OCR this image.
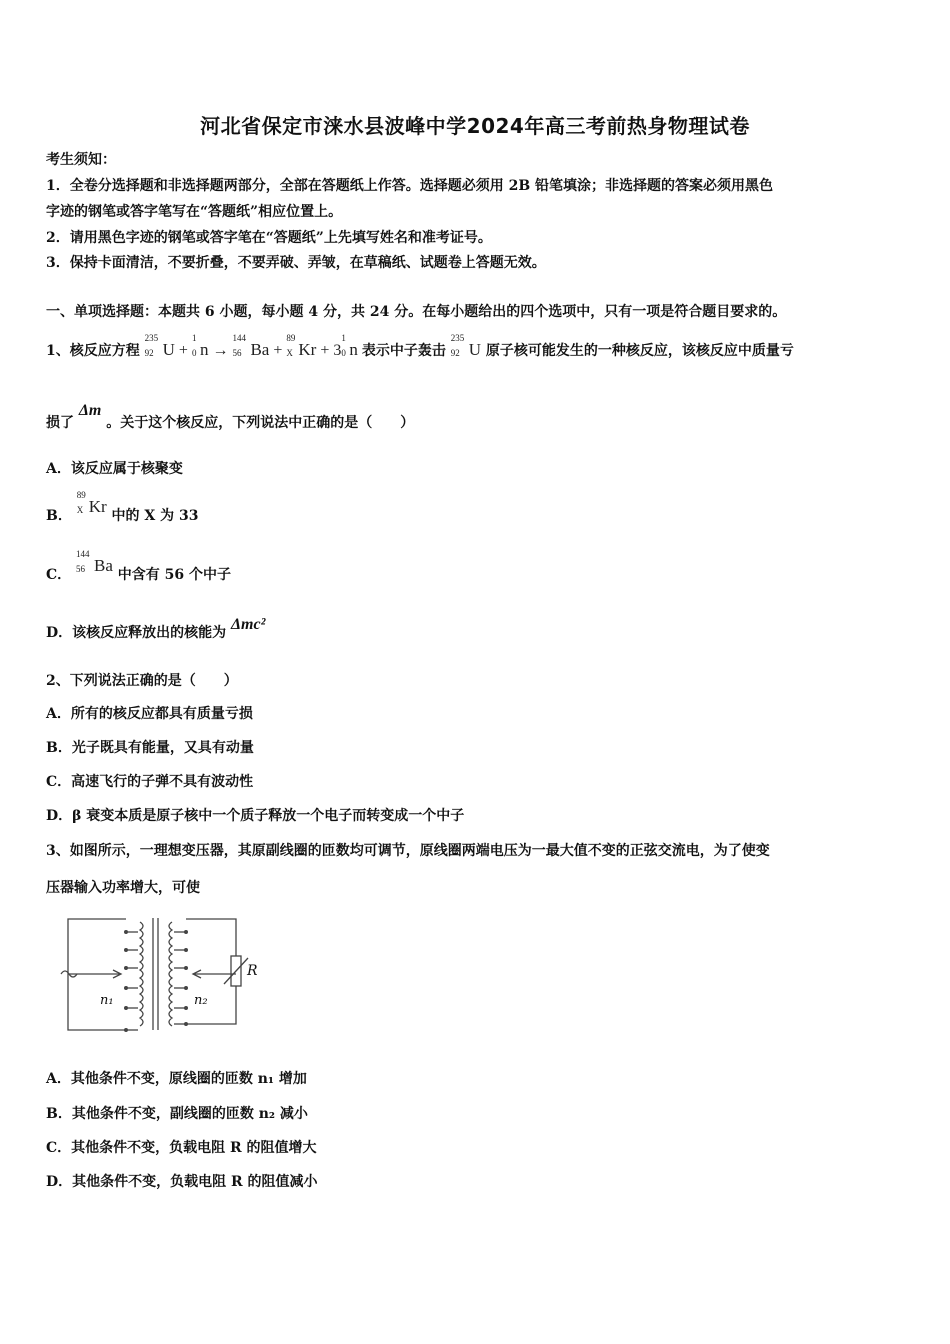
河北省保定市涞水县波峰中学2024年高三考前热身物理试卷
考生须知：
1．全卷分选择题和非选择题两部分，全部在答题纸上作答。选择题必须用 2B 铅笔填涂；非选择题的答案必须用黑色
字迹的钢笔或答字笔写在“答题纸”相应位置上。
2．请用黑色字迹的钢笔或答字笔在“答题纸”上先填写姓名和准考证号。
3．保持卡面清洁，不要折叠，不要弄破、弄皱，在草稿纸、试题卷上答题无效。
一、单项选择题：本题共 6 小题，每小题 4 分，共 24 分。在每小题给出的四个选项中，只有一项是符合题目要求的。
1、核反应方程
235
92 U +
1
0 n →
144
56 Ba +
89
X Kr + 3
1
0 n 表示中子轰击
235
92 U 原子核可能发生的一种核反应，该核反应中质量亏
损了 Δm 。关于这个核反应，下列说法中正确的是（　　）
A．该反应属于核聚变
B．
89
X Kr 中的 X 为 33
C．
144
56 Ba 中含有 56 个中子
D．该核反应释放出的核能为 Δmc²
2、下列说法正确的是（　　）
A．所有的核反应都具有质量亏损
B．光子既具有能量，又具有动量
C．高速飞行的子弹不具有波动性
D．β 衰变本质是原子核中一个质子释放一个电子而转变成一个中子
3、如图所示，一理想变压器，其原副线圈的匝数均可调节，原线圈两端电压为一最大值不变的正弦交流电，为了使变
压器输入功率增大，可使
R
n₁	n₂
A．其他条件不变，原线圈的匝数 n₁ 增加
B．其他条件不变，副线圈的匝数 n₂ 减小
C．其他条件不变，负载电阻 R 的阻值增大
D．其他条件不变，负载电阻 R 的阻值减小
